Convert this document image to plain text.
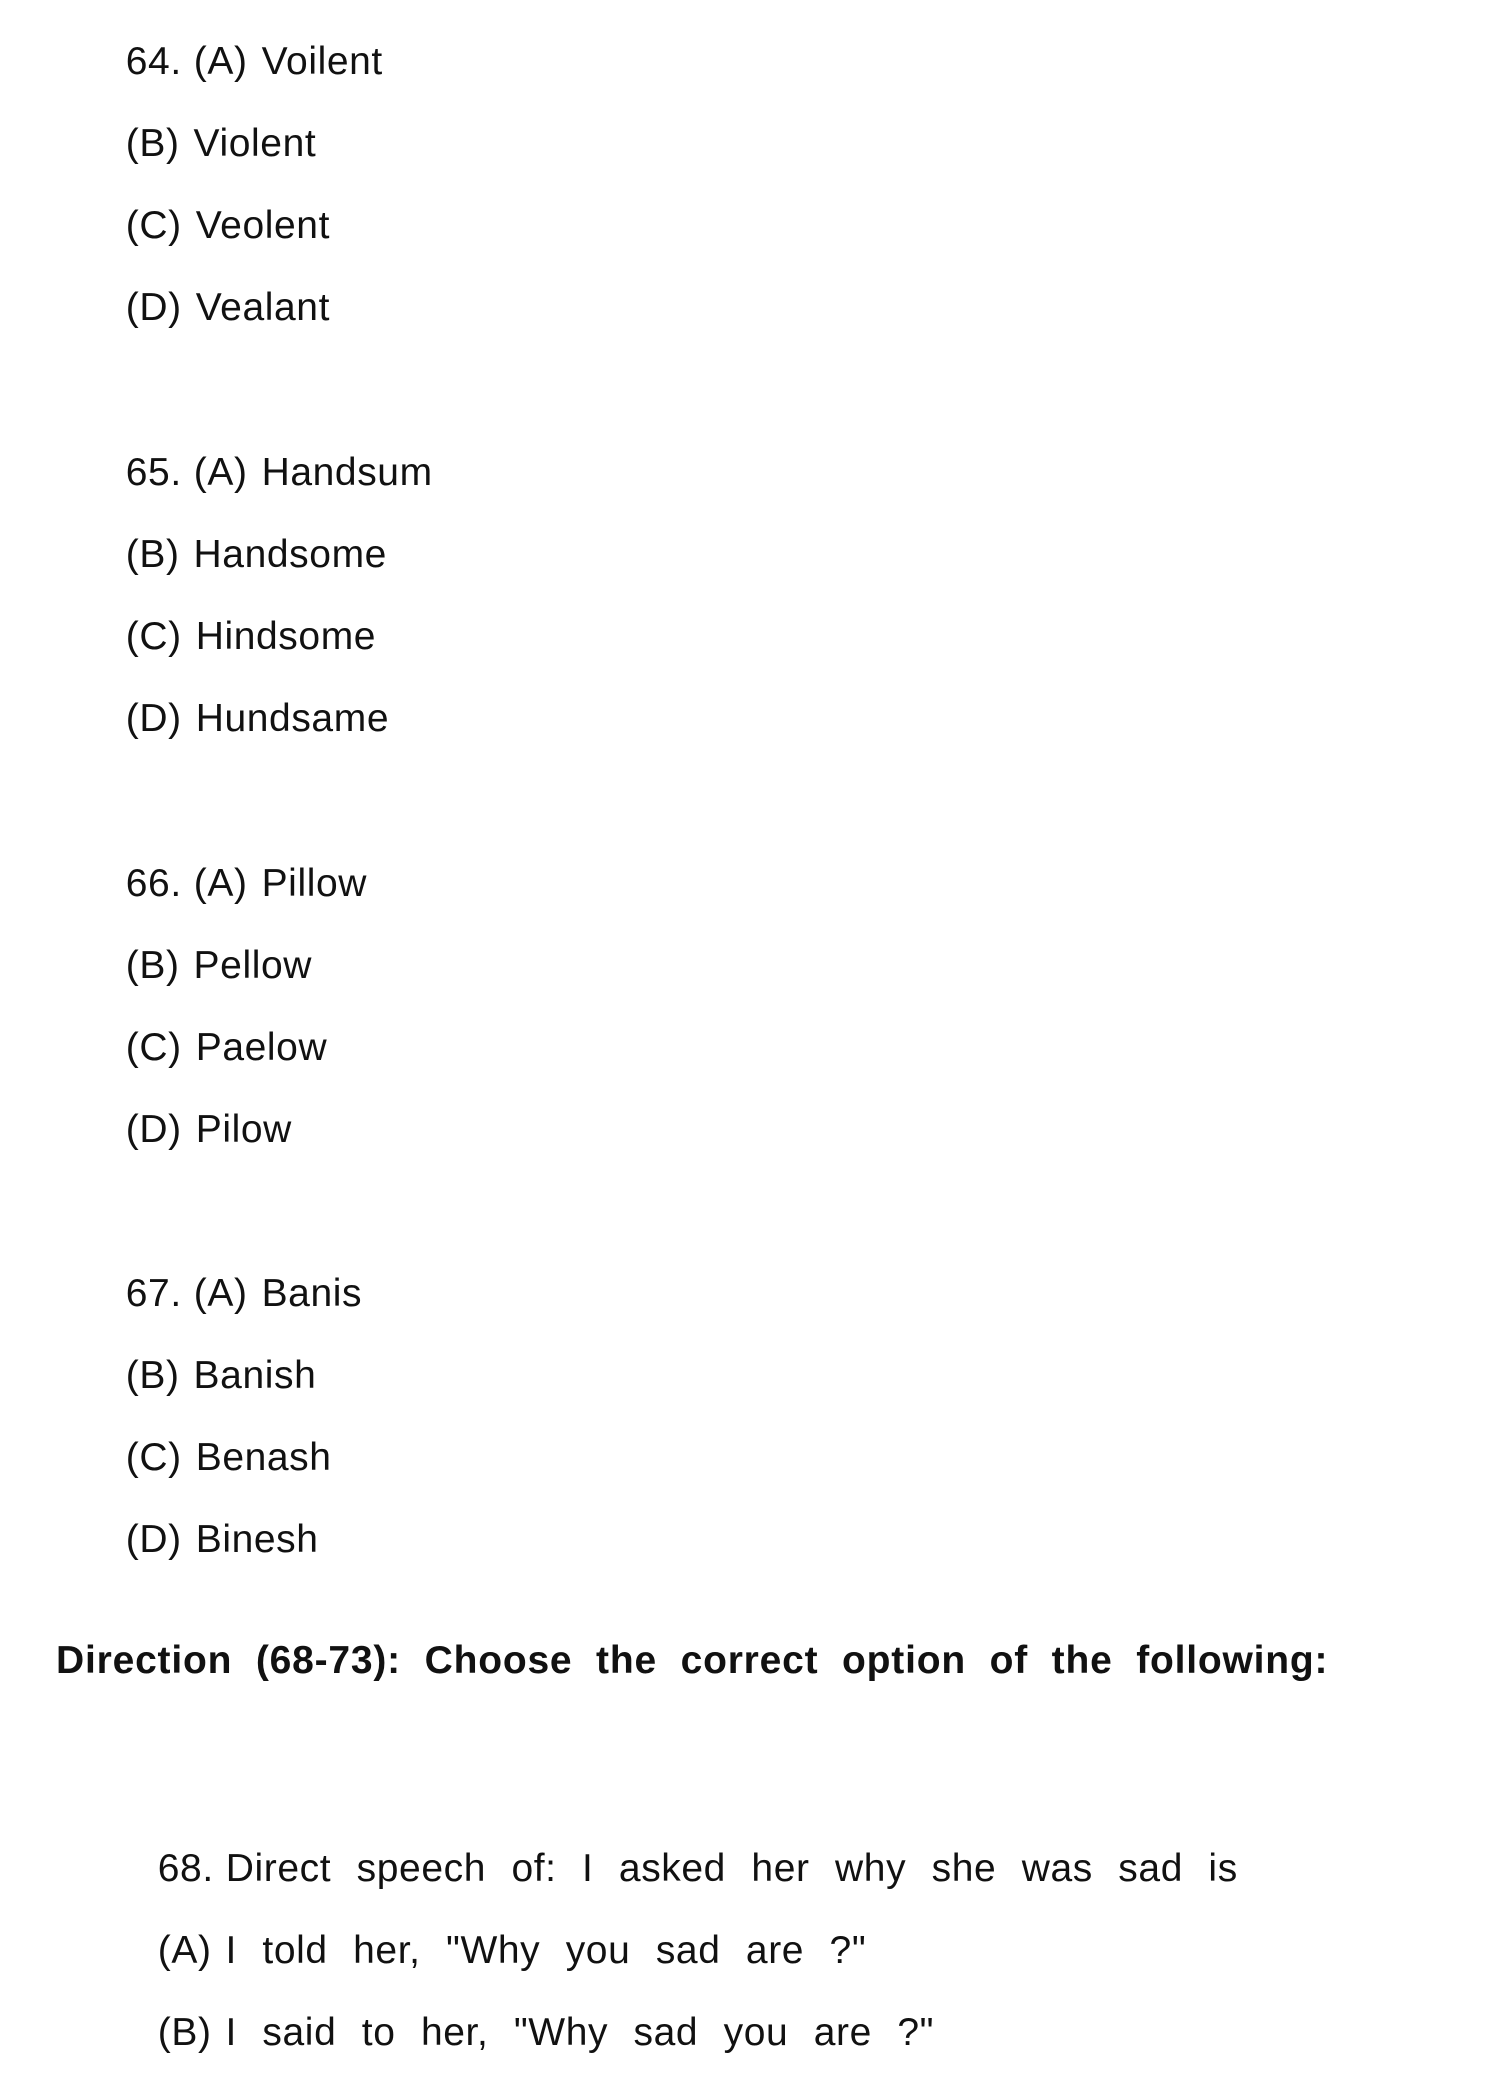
64. (A) Voilent

(B) Violent

(C) Veolent

(D) Vealant

65. (A) Handsum

(B) Handsome

(C) Hindsome

(D) Hundsame

66. (A) Pillow

(B) Pellow

(C) Paelow

(D) Pilow

67. (A) Banis

(B) Banish

(C) Benash

(D) Binesh

Direction (68-73): Choose the correct option of the following:

68. Direct speech of: I asked her why she was sad is

(A) I told her, "Why you sad are ?"

(B) I said to her, "Why sad you are ?"
